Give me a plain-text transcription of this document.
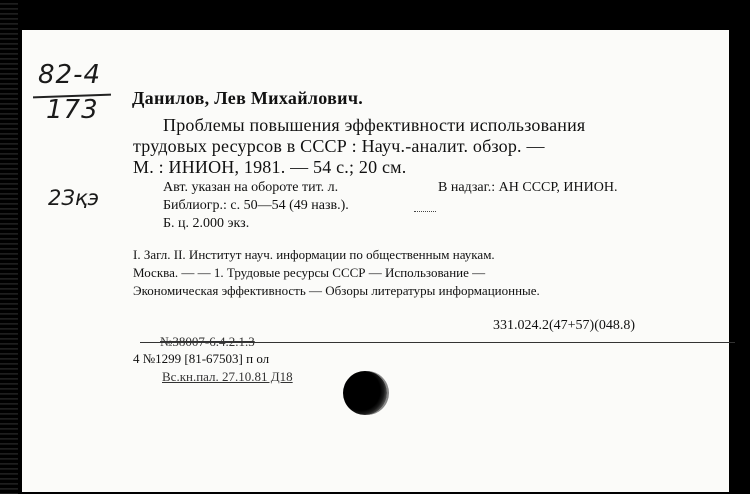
82-4
173
2Зқэ
Данилов, Лев Михайлович.
Проблемы повышения эффективности использования
трудовых ресурсов в СССР : Науч.-аналит. обзор. —
М. : ИНИОН, 1981. — 54 с.; 20 см.
Авт. указан на обороте тит. л.	В надзаг.: АН СССР, ИНИОН.
Библиогр.: с. 50—54 (49 назв.).
Б. ц. 2.000 экз.
I. Загл. II. Институт науч. информации по общественным наукам.
Москва. — — 1. Трудовые ресурсы СССР — Использование —
Экономическая эффективность — Обзоры литературы информационные.
331.024.2(47+57)(048.8)
№38007-6.4.2.1.3
4 №1299 [81-67503] п ол
Вс.кн.пал. 27.10.81 Д18
